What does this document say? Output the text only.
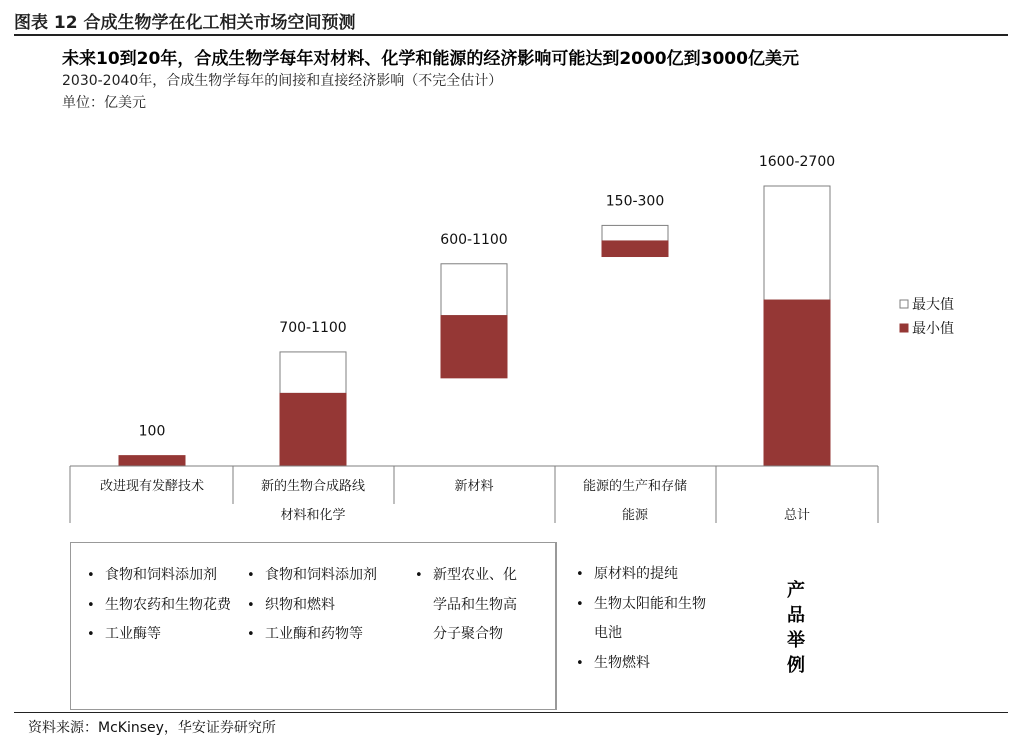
图表 12 合成生物学在化工相关市场空间预测
未来10到20年，合成生物学每年对材料、化学和能源的经济影响可能达到2000亿到3000亿美元
2030-2040年，合成生物学每年的间接和直接经济影响（不完全估计）
单位：亿美元
100
700-1100
600-1100
150-300
1600-2700
改进现有发酵技术	新的生物合成路线	新材料	能源的生产和存储
材料和化学	能源	总计
最大值
最小值
• 食物和饲料添加剂
• 生物农药和生物花费
• 工业酶等
• 食物和饲料添加剂
• 织物和燃料
• 工业酶和药物等
• 新型农业、化学品和生物高分子聚合物
• 原材料的提纯
• 生物太阳能和生物电池
• 生物燃料
产
品
举
例
资料来源：McKinsey，华安证券研究所
